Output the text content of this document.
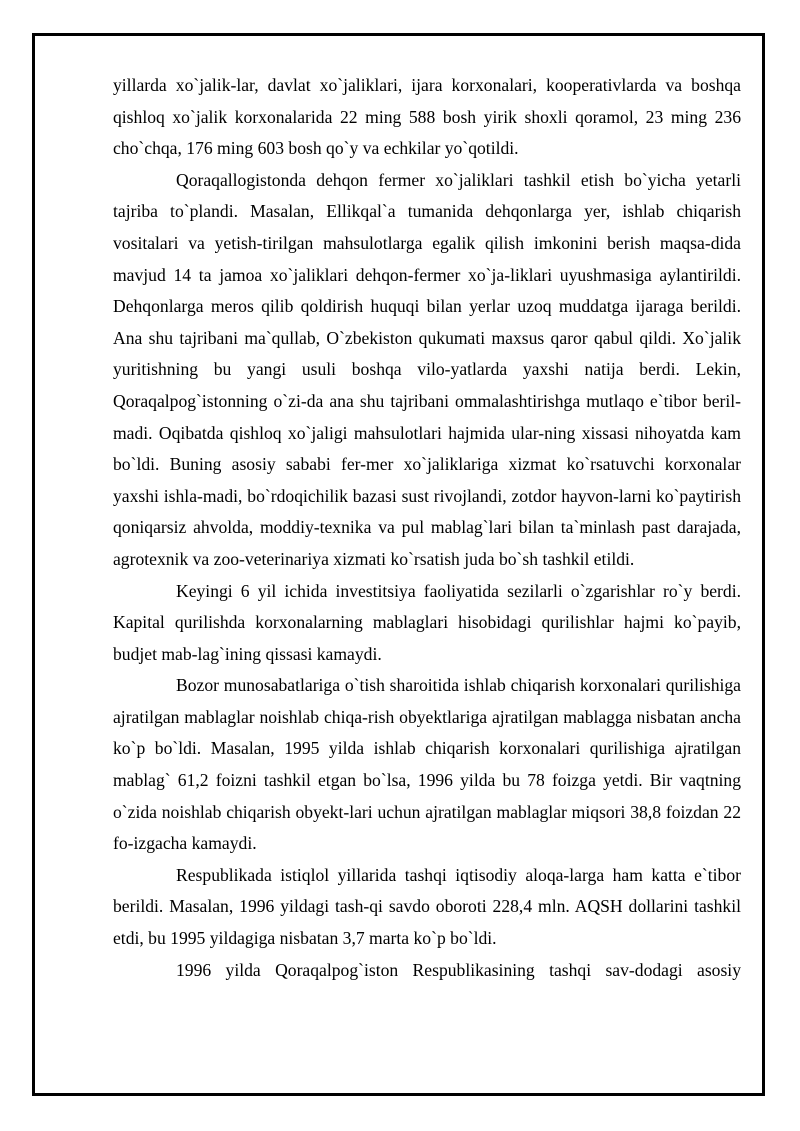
yillarda xo`jalik-lar, davlat xo`jaliklari, ijara korxonalari, kooperativlarda va boshqa qishloq xo`jalik korxonalarida 22 ming 588 bosh yirik shoxli qoramol, 23 ming 236 cho`chqa, 176 ming 603 bosh qo`y va echkilar yo`qotildi.

Qoraqallogistonda dehqon fermer xo`jaliklari tashkil etish bo`yicha yetarli tajriba to`plandi. Masalan, Ellikqal`a tumanida dehqonlarga yer, ishlab chiqarish vositalari va yetish-tirilgan mahsulotlarga egalik qilish imkonini berish maqsa-dida mavjud 14 ta jamoa xo`jaliklari dehqon-fermer xo`ja-liklari uyushmasiga aylantirildi. Dehqonlarga meros qilib qoldirish huquqi bilan yerlar uzoq muddatga ijaraga berildi. Ana shu tajribani ma`qullab, O`zbekiston qukumati maxsus qaror qabul qildi. Xo`jalik yuritishning bu yangi usuli boshqa vilo-yatlarda yaxshi natija berdi. Lekin, Qoraqalpog`istonning o`zi-da ana shu tajribani ommalashtirishga mutlaqo e`tibor beril-madi. Oqibatda qishloq xo`jaligi mahsulotlari hajmida ular-ning xissasi nihoyatda kam bo`ldi. Buning asosiy sababi fer-mer xo`jaliklariga xizmat ko`rsatuvchi korxonalar yaxshi ishla-madi, bo`rdoqichilik bazasi sust rivojlandi, zotdor hayvon-larni ko`paytirish qoniqarsiz ahvolda, moddiy-texnika va pul mablag`lari bilan ta`minlash past darajada, agrotexnik va zoo-veterinariya xizmati ko`rsatish juda bo`sh tashkil etildi.

Keyingi 6 yil ichida investitsiya faoliyatida sezilarli o`zgarishlar ro`y berdi. Kapital qurilishda korxonalarning mablaglari hisobidagi qurilishlar hajmi ko`payib, budjet mab-lag`ining qissasi kamaydi.

Bozor munosabatlariga o`tish sharoitida ishlab chiqarish korxonalari qurilishiga ajratilgan mablaglar noishlab chiqa-rish obyektlariga ajratilgan mablagga nisbatan ancha ko`p bo`ldi. Masalan, 1995 yilda ishlab chiqarish korxonalari qurilishiga ajratilgan mablag` 61,2 foizni tashkil etgan bo`lsa, 1996 yilda bu 78 foizga yetdi. Bir vaqtning o`zida noishlab chiqarish obyekt-lari uchun ajratilgan mablaglar miqsori 38,8 foizdan 22 fo-izgacha kamaydi.

Respublikada istiqlol yillarida tashqi iqtisodiy aloqa-larga ham katta e`tibor berildi. Masalan, 1996 yildagi tash-qi savdo oboroti 228,4 mln. AQSH dollarini tashkil etdi, bu 1995 yildagiga nisbatan 3,7 marta ko`p bo`ldi.

1996 yilda Qoraqalpog`iston Respublikasining tashqi sav-dodagi asosiy
